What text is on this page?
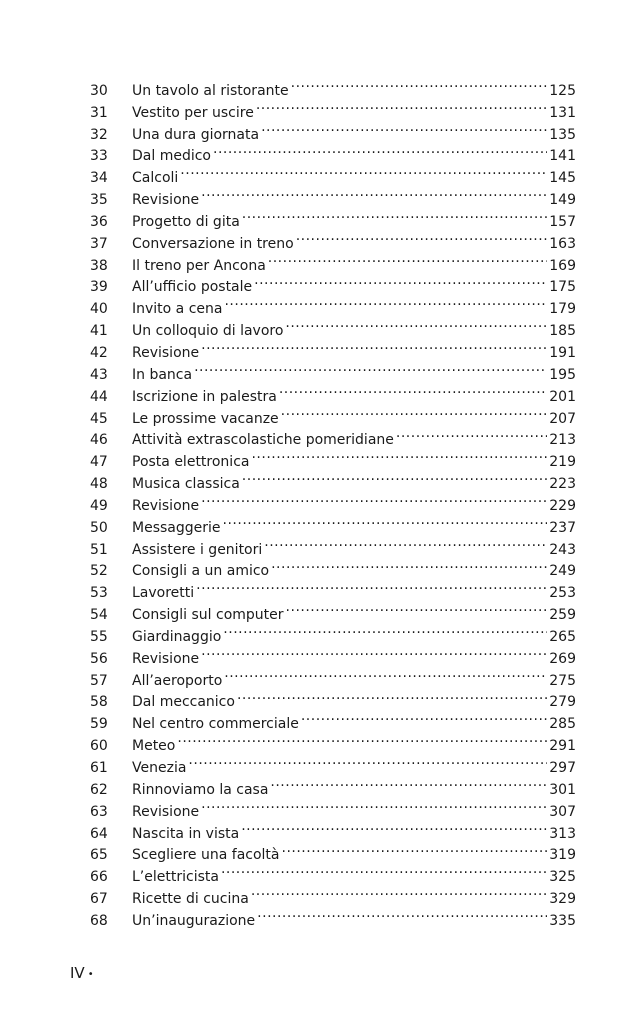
30	Un tavolo al ristorante .....	125
31	Vestito per uscire .....	131
32	Una dura giornata .....	135
33	Dal medico .....	141
34	Calcoli .....	145
35	Revisione .....	149
36	Progetto di gita .....	157
37	Conversazione in treno .....	163
38	Il treno per Ancona .....	169
39	All’ufficio postale .....	175
40	Invito a cena .....	179
41	Un colloquio di lavoro .....	185
42	Revisione .....	191
43	In banca .....	195
44	Iscrizione in palestra .....	201
45	Le prossime vacanze .....	207
46	Attività extrascolastiche pomeridiane .....	213
47	Posta elettronica .....	219
48	Musica classica .....	223
49	Revisione .....	229
50	Messaggerie .....	237
51	Assistere i genitori .....	243
52	Consigli a un amico .....	249
53	Lavoretti .....	253
54	Consigli sul computer .....	259
55	Giardinaggio .....	265
56	Revisione .....	269
57	All’aeroporto .....	275
58	Dal meccanico .....	279
59	Nel centro commerciale .....	285
60	Meteo .....	291
61	Venezia .....	297
62	Rinnoviamo la casa .....	301
63	Revisione .....	307
64	Nascita in vista .....	313
65	Scegliere una facoltà .....	319
66	L’elettricista .....	325
67	Ricette di cucina .....	329
68	Un’inaugurazione .....	335
IV •
